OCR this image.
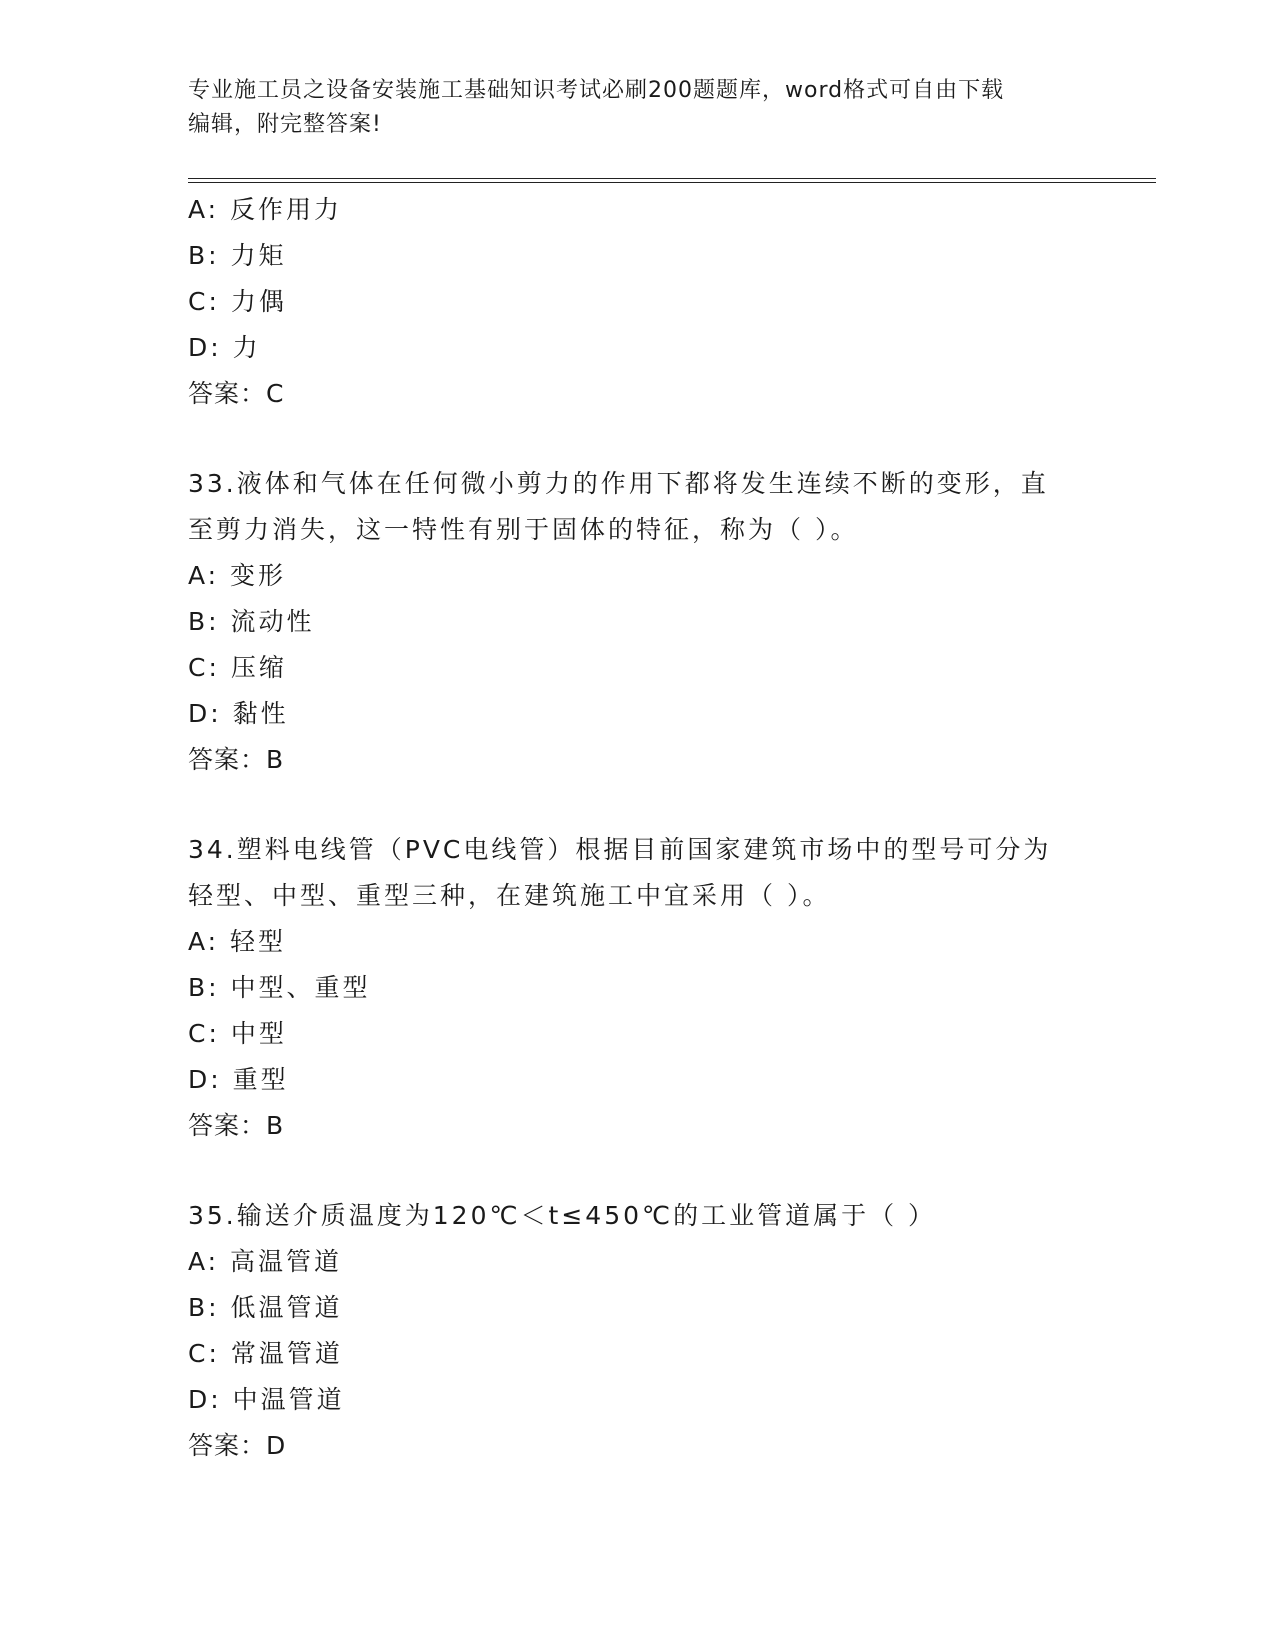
专业施工员之设备安装施工基础知识考试必刷200题题库，word格式可自由下载
编辑，附完整答案!
A: 反作用力
B: 力矩
C: 力偶
D: 力
答案：C
33.液体和气体在任何微小剪力的作用下都将发生连续不断的变形，直
至剪力消失，这一特性有别于固体的特征，称为（ ）。
A: 变形
B: 流动性
C: 压缩
D: 黏性
答案：B
34.塑料电线管（PVC电线管）根据目前国家建筑市场中的型号可分为
轻型、中型、重型三种，在建筑施工中宜采用（ ）。
A: 轻型
B: 中型、重型
C: 中型
D: 重型
答案：B
35.输送介质温度为120℃＜t≤450℃的工业管道属于（ ）
A: 高温管道
B: 低温管道
C: 常温管道
D: 中温管道
答案：D
